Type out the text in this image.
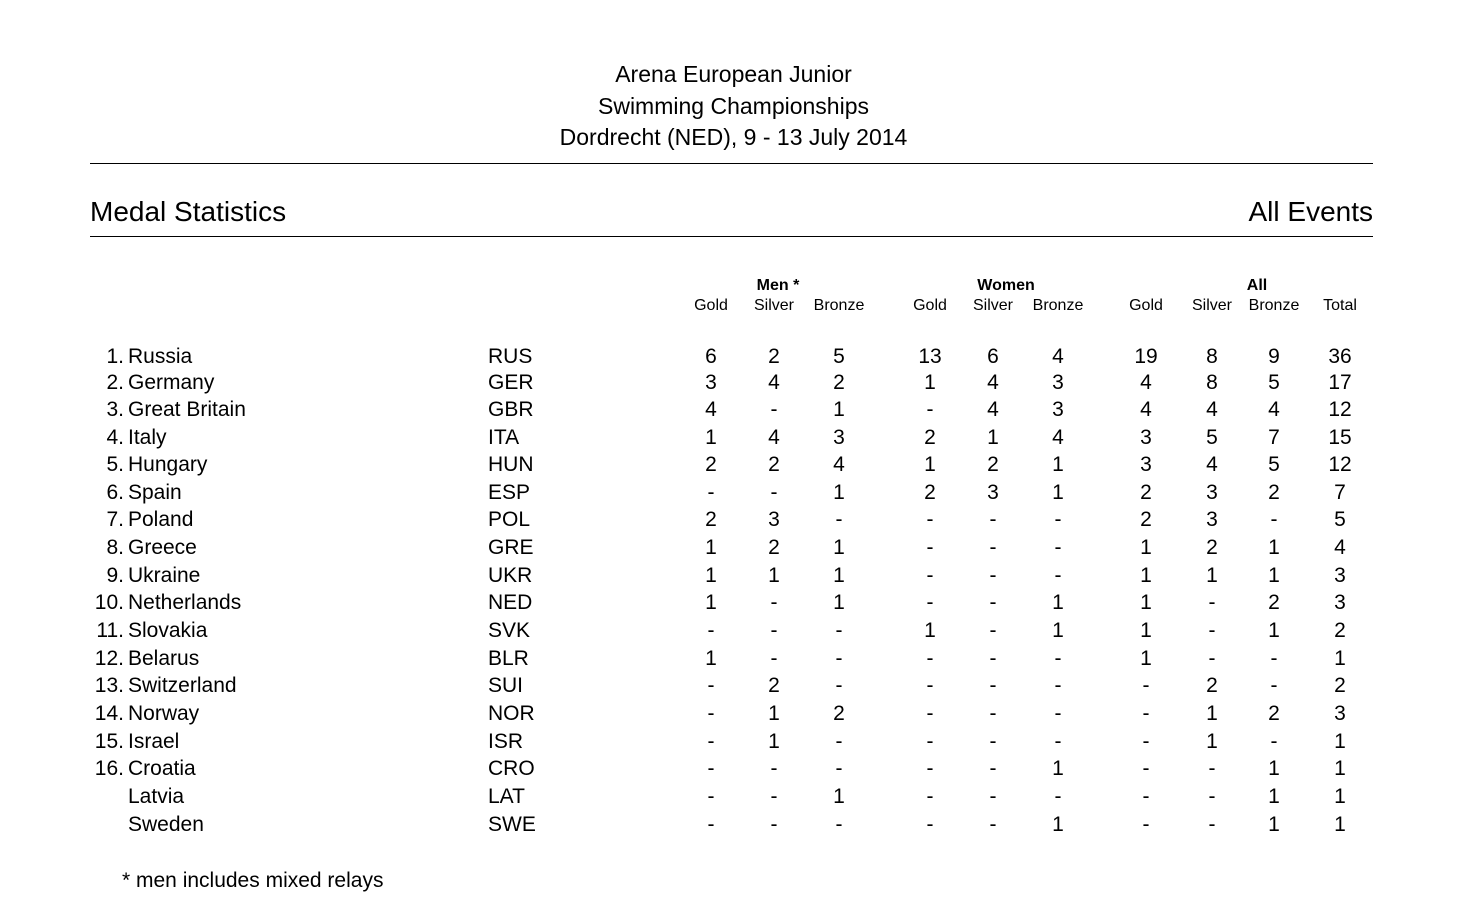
Arena European Junior
Swimming Championships
Dordrecht (NED), 9 - 13 July 2014
Medal Statistics	All Events
Men *	Women	All
Gold	Silver	Bronze	Gold	Silver	Bronze	Gold	Silver	Bronze	Total
1. Russia	RUS	6	2	5	13	6	4	19	8	9	36
2. Germany	GER	3	4	2	1	4	3	4	8	5	17
3. Great Britain	GBR	4	-	1	-	4	3	4	4	4	12
4. Italy	ITA	1	4	3	2	1	4	3	5	7	15
5. Hungary	HUN	2	2	4	1	2	1	3	4	5	12
6. Spain	ESP	-	-	1	2	3	1	2	3	2	7
7. Poland	POL	2	3	-	-	-	-	2	3	-	5
8. Greece	GRE	1	2	1	-	-	-	1	2	1	4
9. Ukraine	UKR	1	1	1	-	-	-	1	1	1	3
10. Netherlands	NED	1	-	1	-	-	1	1	-	2	3
11. Slovakia	SVK	-	-	-	1	-	1	1	-	1	2
12. Belarus	BLR	1	-	-	-	-	-	1	-	-	1
13. Switzerland	SUI	-	2	-	-	-	-	-	2	-	2
14. Norway	NOR	-	1	2	-	-	-	-	1	2	3
15. Israel	ISR	-	1	-	-	-	-	-	1	-	1
16. Croatia	CRO	-	-	-	-	-	1	-	-	1	1
Latvia	LAT	-	-	1	-	-	-	-	-	1	1
Sweden	SWE	-	-	-	-	-	1	-	-	1	1
* men includes mixed relays
